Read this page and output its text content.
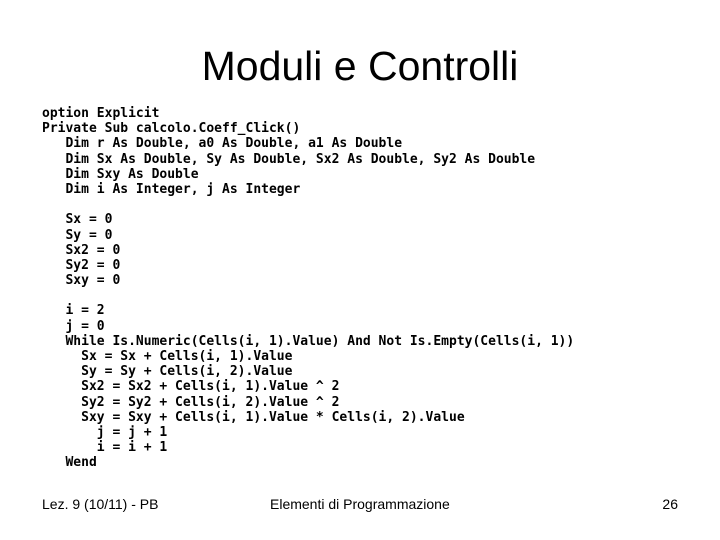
Moduli e Controlli
option Explicit
Private Sub calcolo.Coeff_Click()
Dim r As Double, a0 As Double, a1 As Double
Dim Sx As Double, Sy As Double, Sx2 As Double, Sy2 As Double
Dim Sxy As Double
Dim i As Integer, j As Integer
Sx = 0
Sy = 0
Sx2 = 0
Sy2 = 0
Sxy = 0
i = 2
j = 0
While Is.Numeric(Cells(i, 1).Value) And Not Is.Empty(Cells(i, 1))
Sx = Sx + Cells(i, 1).Value
Sy = Sy + Cells(i, 2).Value
Sx2 = Sx2 + Cells(i, 1).Value ^ 2
Sy2 = Sy2 + Cells(i, 2).Value ^ 2
Sxy = Sxy + Cells(i, 1).Value * Cells(i, 2).Value
j = j + 1
i = i + 1
Wend
Lez. 9 (10/11) - PB	Elementi di Programmazione	26
